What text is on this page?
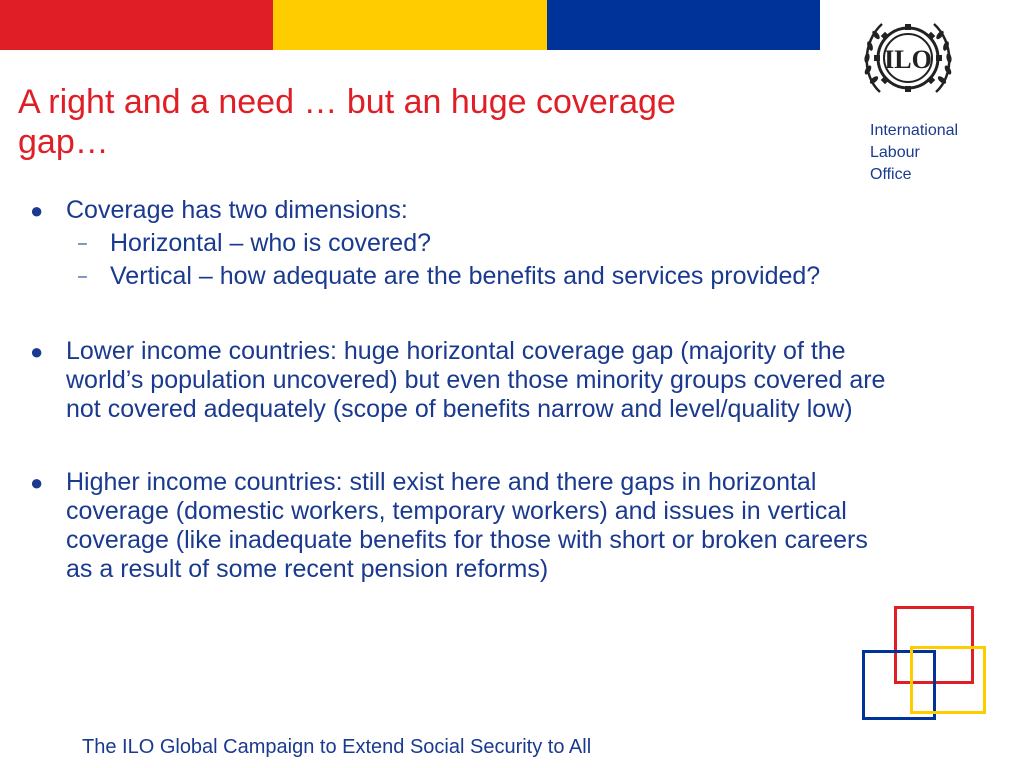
ILO
International
Labour
Office
A right and a need … but an huge coverage
gap…
● Coverage has two dimensions:
– Horizontal – who is covered?
– Vertical – how adequate are the benefits and services provided?
● Lower income countries: huge horizontal coverage gap (majority of the world’s population uncovered) but even those minority groups covered are not covered adequately (scope of benefits narrow and level/quality low)
● Higher income countries: still exist here and there gaps in horizontal coverage (domestic workers, temporary workers) and issues in vertical coverage (like inadequate benefits for those with short or broken careers as a result of some recent pension reforms)
The ILO Global Campaign to Extend Social Security to All
